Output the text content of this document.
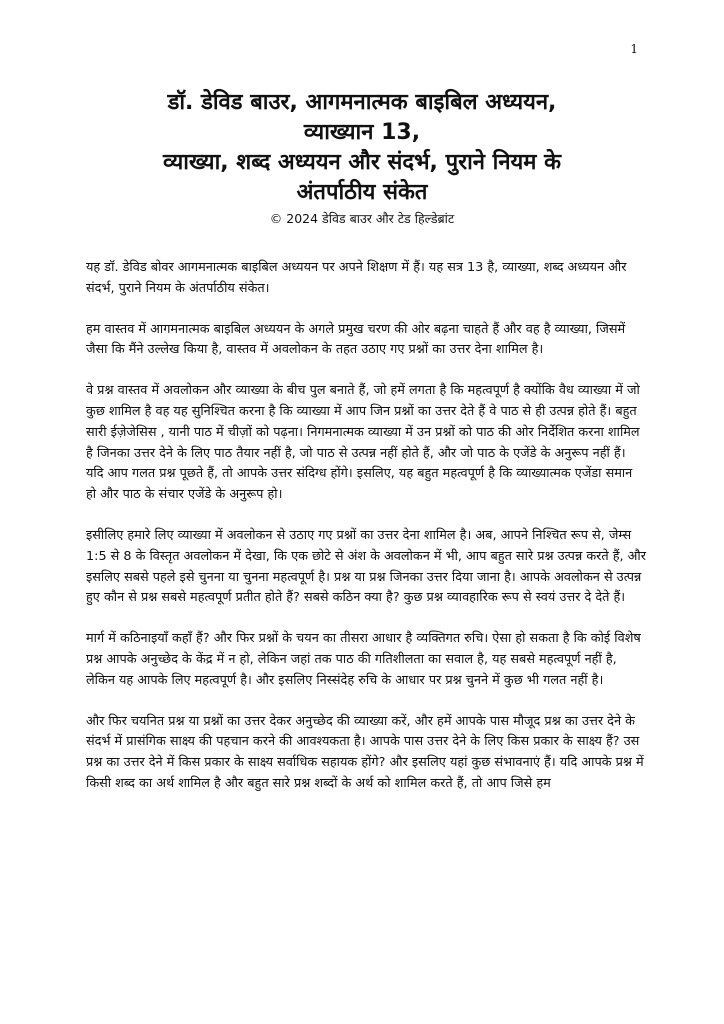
1

डॉ. डेविड बाउर, आगमनात्मक बाइबिल अध्ययन,

व्याख्यान 13,

व्याख्या, शब्द अध्ययन और संदर्भ, पुराने नियम के

अंतर्पाठीय संकेत

© 2024 डेविड बाउर और टेड हिल्डेब्रांट

यह डॉ. डेविड बोवर आगमनात्मक बाइबिल अध्ययन पर अपने शिक्षण में हैं। यह सत्र 13 है, व्याख्या, शब्द अध्ययन और संदर्भ, पुराने नियम के अंतर्पाठीय संकेत।

हम वास्तव में आगमनात्मक बाइबिल अध्ययन के अगले प्रमुख चरण की ओर बढ़ना चाहते हैं और वह है व्याख्या, जिसमें जैसा कि मैंने उल्लेख किया है, वास्तव में अवलोकन के तहत उठाए गए प्रश्नों का उत्तर देना शामिल है।

वे प्रश्न वास्तव में अवलोकन और व्याख्या के बीच पुल बनाते हैं, जो हमें लगता है कि महत्वपूर्ण है क्योंकि वैध व्याख्या में जो कुछ शामिल है वह यह सुनिश्चित करना है कि व्याख्या में आप जिन प्रश्नों का उत्तर देते हैं वे पाठ से ही उत्पन्न होते हैं। बहुत सारी ईज़ेजेसिस , यानी पाठ में चीज़ों को पढ़ना। निगमनात्मक व्याख्या में उन प्रश्नों को पाठ की ओर निर्देशित करना शामिल है जिनका उत्तर देने के लिए पाठ तैयार नहीं है, जो पाठ से उत्पन्न नहीं होते हैं, और जो पाठ के एजेंडे के अनुरूप नहीं हैं। यदि आप गलत प्रश्न पूछते हैं, तो आपके उत्तर संदिग्ध होंगे। इसलिए, यह बहुत महत्वपूर्ण है कि व्याख्यात्मक एजेंडा समान हो और पाठ के संचार एजेंडे के अनुरूप हो।

इसीलिए हमारे लिए व्याख्या में अवलोकन से उठाए गए प्रश्नों का उत्तर देना शामिल है। अब, आपने निश्चित रूप से, जेम्स 1:5 से 8 के विस्तृत अवलोकन में देखा, कि एक छोटे से अंश के अवलोकन में भी, आप बहुत सारे प्रश्न उत्पन्न करते हैं, और इसलिए सबसे पहले इसे चुनना या चुनना महत्वपूर्ण है। प्रश्न या प्रश्न जिनका उत्तर दिया जाना है। आपके अवलोकन से उत्पन्न हुए कौन से प्रश्न सबसे महत्वपूर्ण प्रतीत होते हैं? सबसे कठिन क्या है? कुछ प्रश्न व्यावहारिक रूप से स्वयं उत्तर दे देते हैं।

मार्ग में कठिनाइयाँ कहाँ हैं? और फिर प्रश्नों के चयन का तीसरा आधार है व्यक्तिगत रुचि। ऐसा हो सकता है कि कोई विशेष प्रश्न आपके अनुच्छेद के केंद्र में न हो, लेकिन जहां तक पाठ की गतिशीलता का सवाल है, यह सबसे महत्वपूर्ण नहीं है, लेकिन यह आपके लिए महत्वपूर्ण है। और इसलिए निस्संदेह रुचि के आधार पर प्रश्न चुनने में कुछ भी गलत नहीं है।

और फिर चयनित प्रश्न या प्रश्नों का उत्तर देकर अनुच्छेद की व्याख्या करें, और हमें आपके पास मौजूद प्रश्न का उत्तर देने के संदर्भ में प्रासंगिक साक्ष्य की पहचान करने की आवश्यकता है। आपके पास उत्तर देने के लिए किस प्रकार के साक्ष्य हैं? उस प्रश्न का उत्तर देने में किस प्रकार के साक्ष्य सर्वाधिक सहायक होंगे? और इसलिए यहां कुछ संभावनाएं हैं। यदि आपके प्रश्न में किसी शब्द का अर्थ शामिल है और बहुत सारे प्रश्न शब्दों के अर्थ को शामिल करते हैं, तो आप जिसे हम
